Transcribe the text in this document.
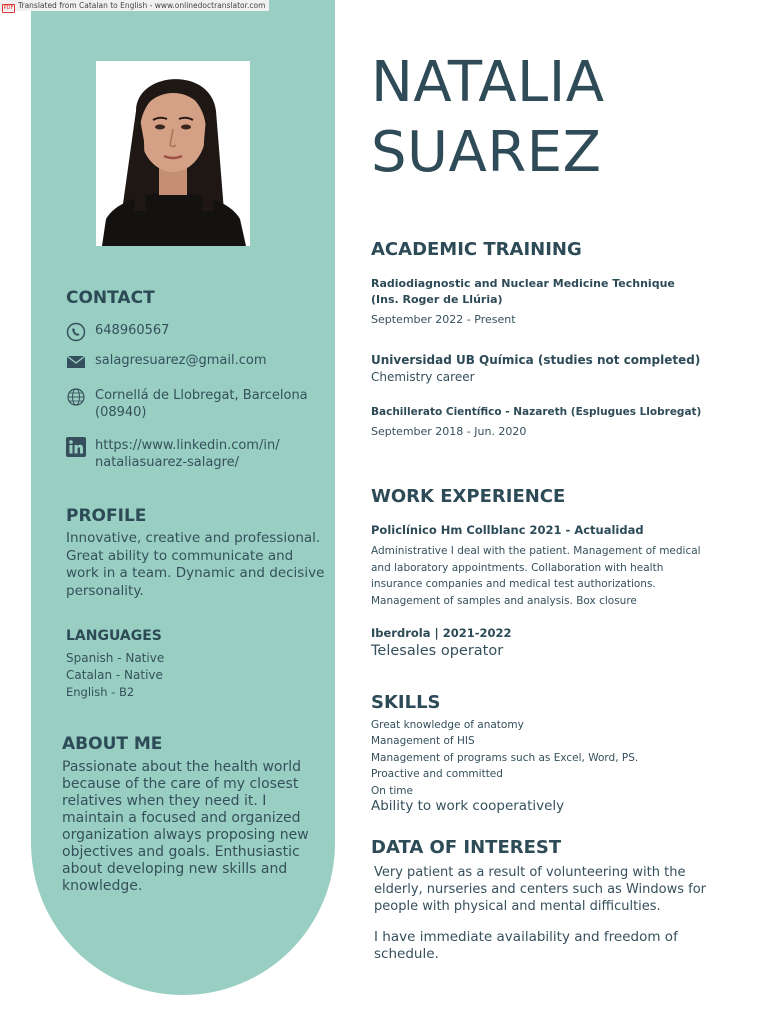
PDF Translated from Catalan to English - www.onlinedoctranslator.com
CONTACT
648960567
salagresuarez@gmail.com
Cornellá de Llobregat, Barcelona
(08940)
https://www.linkedin.com/in/
nataliasuarez-salagre/
PROFILE
Innovative, creative and professional.
Great ability to communicate and
work in a team. Dynamic and decisive
personality.
LANGUAGES
Spanish - Native
Catalan - Native
English - B2
ABOUT ME
Passionate about the health world
because of the care of my closest
relatives when they need it. I
maintain a focused and organized
organization always proposing new
objectives and goals. Enthusiastic
about developing new skills and
knowledge.
NATALIA
SUAREZ
ACADEMIC TRAINING
Radiodiagnostic and Nuclear Medicine Technique
(Ins. Roger de Llúria)
September 2022 - Present
Universidad UB Química (studies not completed)
Chemistry career
Bachillerato Científico - Nazareth (Esplugues Llobregat)
September 2018 - Jun. 2020
WORK EXPERIENCE
Policlínico Hm Collblanc 2021 - Actualidad
Administrative I deal with the patient. Management of medical
and laboratory appointments. Collaboration with health
insurance companies and medical test authorizations.
Management of samples and analysis. Box closure
Iberdrola | 2021-2022
Telesales operator
SKILLS
Great knowledge of anatomy
Management of HIS
Management of programs such as Excel, Word, PS.
Proactive and committed
On time
Ability to work cooperatively
DATA OF INTEREST
Very patient as a result of volunteering with the
elderly, nurseries and centers such as Windows for
people with physical and mental difficulties.
I have immediate availability and freedom of
schedule.
